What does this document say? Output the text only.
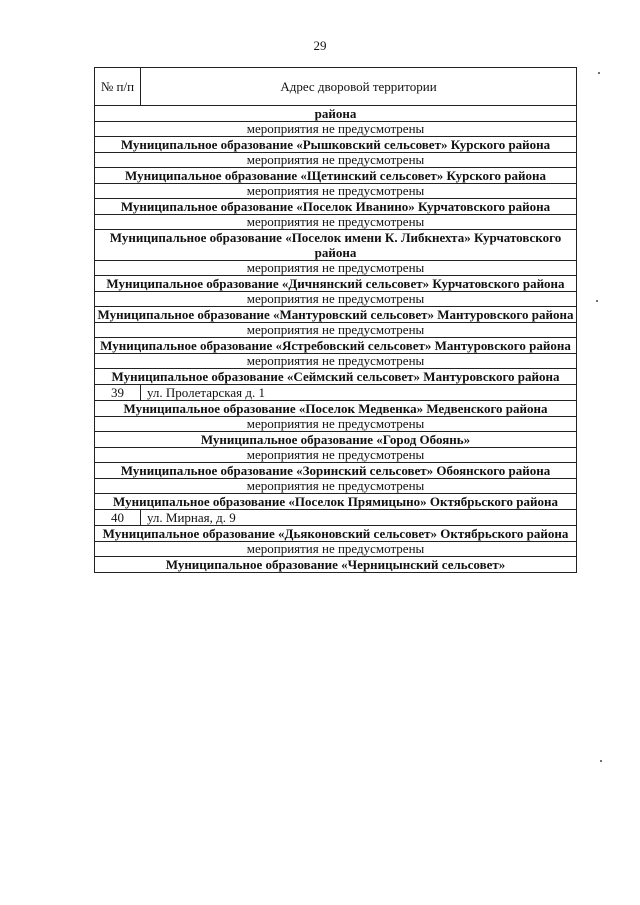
29
№ п/п	Адрес дворовой территории
района	
мероприятия не предусмотрены	
Муниципальное образование «Рышковский сельсовет» Курского района	
мероприятия не предусмотрены	
Муниципальное образование «Щетинский сельсовет» Курского района	
мероприятия не предусмотрены	
Муниципальное образование «Поселок Иванино» Курчатовского района	
мероприятия не предусмотрены	
Муниципальное образование «Поселок имени К. Либкнехта» Курчатовского района	
мероприятия не предусмотрены	
Муниципальное образование «Дичнянский сельсовет» Курчатовского района	
мероприятия не предусмотрены	
Муниципальное образование «Мантуровский сельсовет» Мантуровского района	
мероприятия не предусмотрены	
Муниципальное образование «Ястребовский сельсовет» Мантуровского района	
мероприятия не предусмотрены	
Муниципальное образование «Сеймский сельсовет» Мантуровского района	
39	ул. Пролетарская д. 1
Муниципальное образование «Поселок Медвенка» Медвенского района	
мероприятия не предусмотрены	
Муниципальное образование «Город Обоянь»	
мероприятия не предусмотрены	
Муниципальное образование «Зоринский сельсовет» Обоянского района	
мероприятия не предусмотрены	
Муниципальное образование «Поселок Прямицыно» Октябрьского района	
40	ул. Мирная, д. 9
Муниципальное образование «Дьяконовский сельсовет» Октябрьского района	
мероприятия не предусмотрены	
Муниципальное образование «Черницынский сельсовет»	
